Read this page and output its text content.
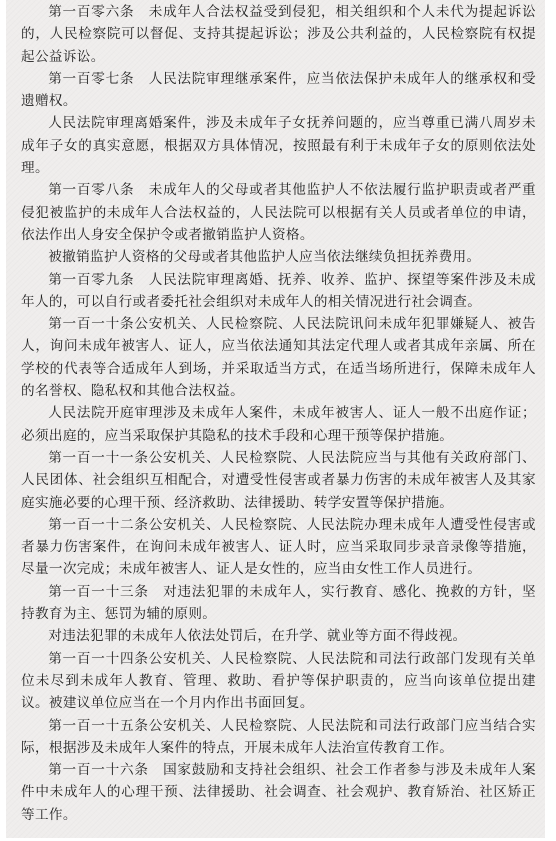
第一百零六条　未成年人合法权益受到侵犯，相关组织和个人未代为提起诉讼的，人民检察院可以督促、支持其提起诉讼；涉及公共利益的，人民检察院有权提起公益诉讼。

第一百零七条　人民法院审理继承案件，应当依法保护未成年人的继承权和受遗赠权。

人民法院审理离婚案件，涉及未成年子女抚养问题的，应当尊重已满八周岁未成年子女的真实意愿，根据双方具体情况，按照最有利于未成年子女的原则依法处理。

第一百零八条　未成年人的父母或者其他监护人不依法履行监护职责或者严重侵犯被监护的未成年人合法权益的，人民法院可以根据有关人员或者单位的申请，依法作出人身安全保护令或者撤销监护人资格。

被撤销监护人资格的父母或者其他监护人应当依法继续负担抚养费用。

第一百零九条　人民法院审理离婚、抚养、收养、监护、探望等案件涉及未成年人的，可以自行或者委托社会组织对未成年人的相关情况进行社会调查。

第一百一十条公安机关、人民检察院、人民法院讯问未成年犯罪嫌疑人、被告人，询问未成年被害人、证人，应当依法通知其法定代理人或者其成年亲属、所在学校的代表等合适成年人到场，并采取适当方式，在适当场所进行，保障未成年人的名誉权、隐私权和其他合法权益。

人民法院开庭审理涉及未成年人案件，未成年被害人、证人一般不出庭作证；必须出庭的，应当采取保护其隐私的技术手段和心理干预等保护措施。

第一百一十一条公安机关、人民检察院、人民法院应当与其他有关政府部门、人民团体、社会组织互相配合，对遭受性侵害或者暴力伤害的未成年被害人及其家庭实施必要的心理干预、经济救助、法律援助、转学安置等保护措施。

第一百一十二条公安机关、人民检察院、人民法院办理未成年人遭受性侵害或者暴力伤害案件，在询问未成年被害人、证人时，应当采取同步录音录像等措施，尽量一次完成；未成年被害人、证人是女性的，应当由女性工作人员进行。

第一百一十三条　对违法犯罪的未成年人，实行教育、感化、挽救的方针，坚持教育为主、惩罚为辅的原则。

对违法犯罪的未成年人依法处罚后，在升学、就业等方面不得歧视。

第一百一十四条公安机关、人民检察院、人民法院和司法行政部门发现有关单位未尽到未成年人教育、管理、救助、看护等保护职责的，应当向该单位提出建议。被建议单位应当在一个月内作出书面回复。

第一百一十五条公安机关、人民检察院、人民法院和司法行政部门应当结合实际，根据涉及未成年人案件的特点，开展未成年人法治宣传教育工作。

第一百一十六条　国家鼓励和支持社会组织、社会工作者参与涉及未成年人案件中未成年人的心理干预、法律援助、社会调查、社会观护、教育矫治、社区矫正等工作。
